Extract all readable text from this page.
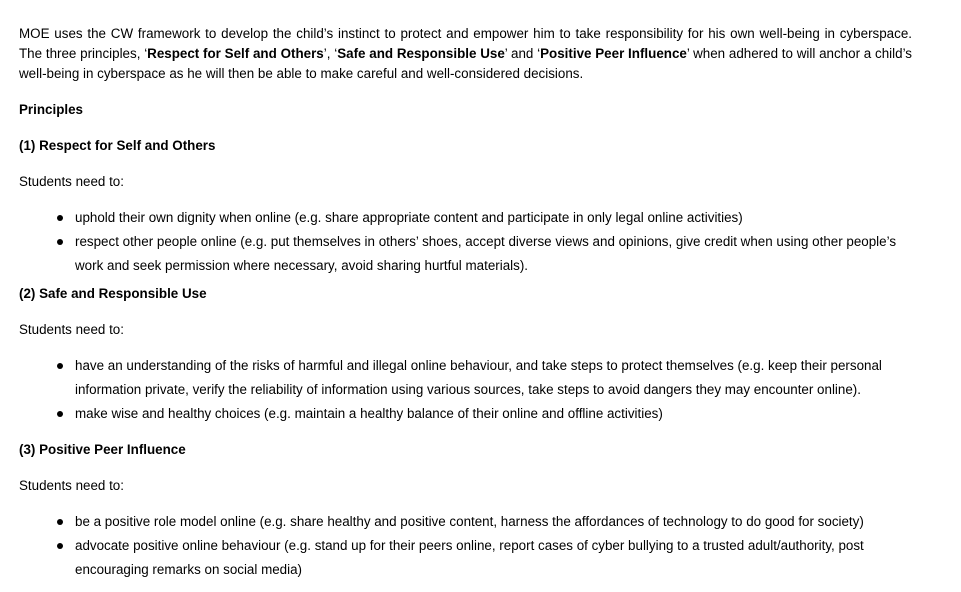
MOE uses the CW framework to develop the child’s instinct to protect and empower him to take responsibility for his own well-being in cyberspace. The three principles, ‘Respect for Self and Others’, ‘Safe and Responsible Use’ and ‘Positive Peer Influence’ when adhered to will anchor a child’s well-being in cyberspace as he will then be able to make careful and well-considered decisions.

Principles

(1) Respect for Self and Others

Students need to:

uphold their own dignity when online (e.g. share appropriate content and participate in only legal online activities)
respect other people online (e.g. put themselves in others’ shoes, accept diverse views and opinions, give credit when using other people’s work and seek permission where necessary, avoid sharing hurtful materials).

(2) Safe and Responsible Use

Students need to:

have an understanding of the risks of harmful and illegal online behaviour, and take steps to protect themselves (e.g. keep their personal information private, verify the reliability of information using various sources, take steps to avoid dangers they may encounter online).
make wise and healthy choices (e.g. maintain a healthy balance of their online and offline activities)

(3) Positive Peer Influence

Students need to:

be a positive role model online (e.g. share healthy and positive content, harness the affordances of technology to do good for society)
advocate positive online behaviour (e.g. stand up for their peers online, report cases of cyber bullying to a trusted adult/authority, post encouraging remarks on social media)
